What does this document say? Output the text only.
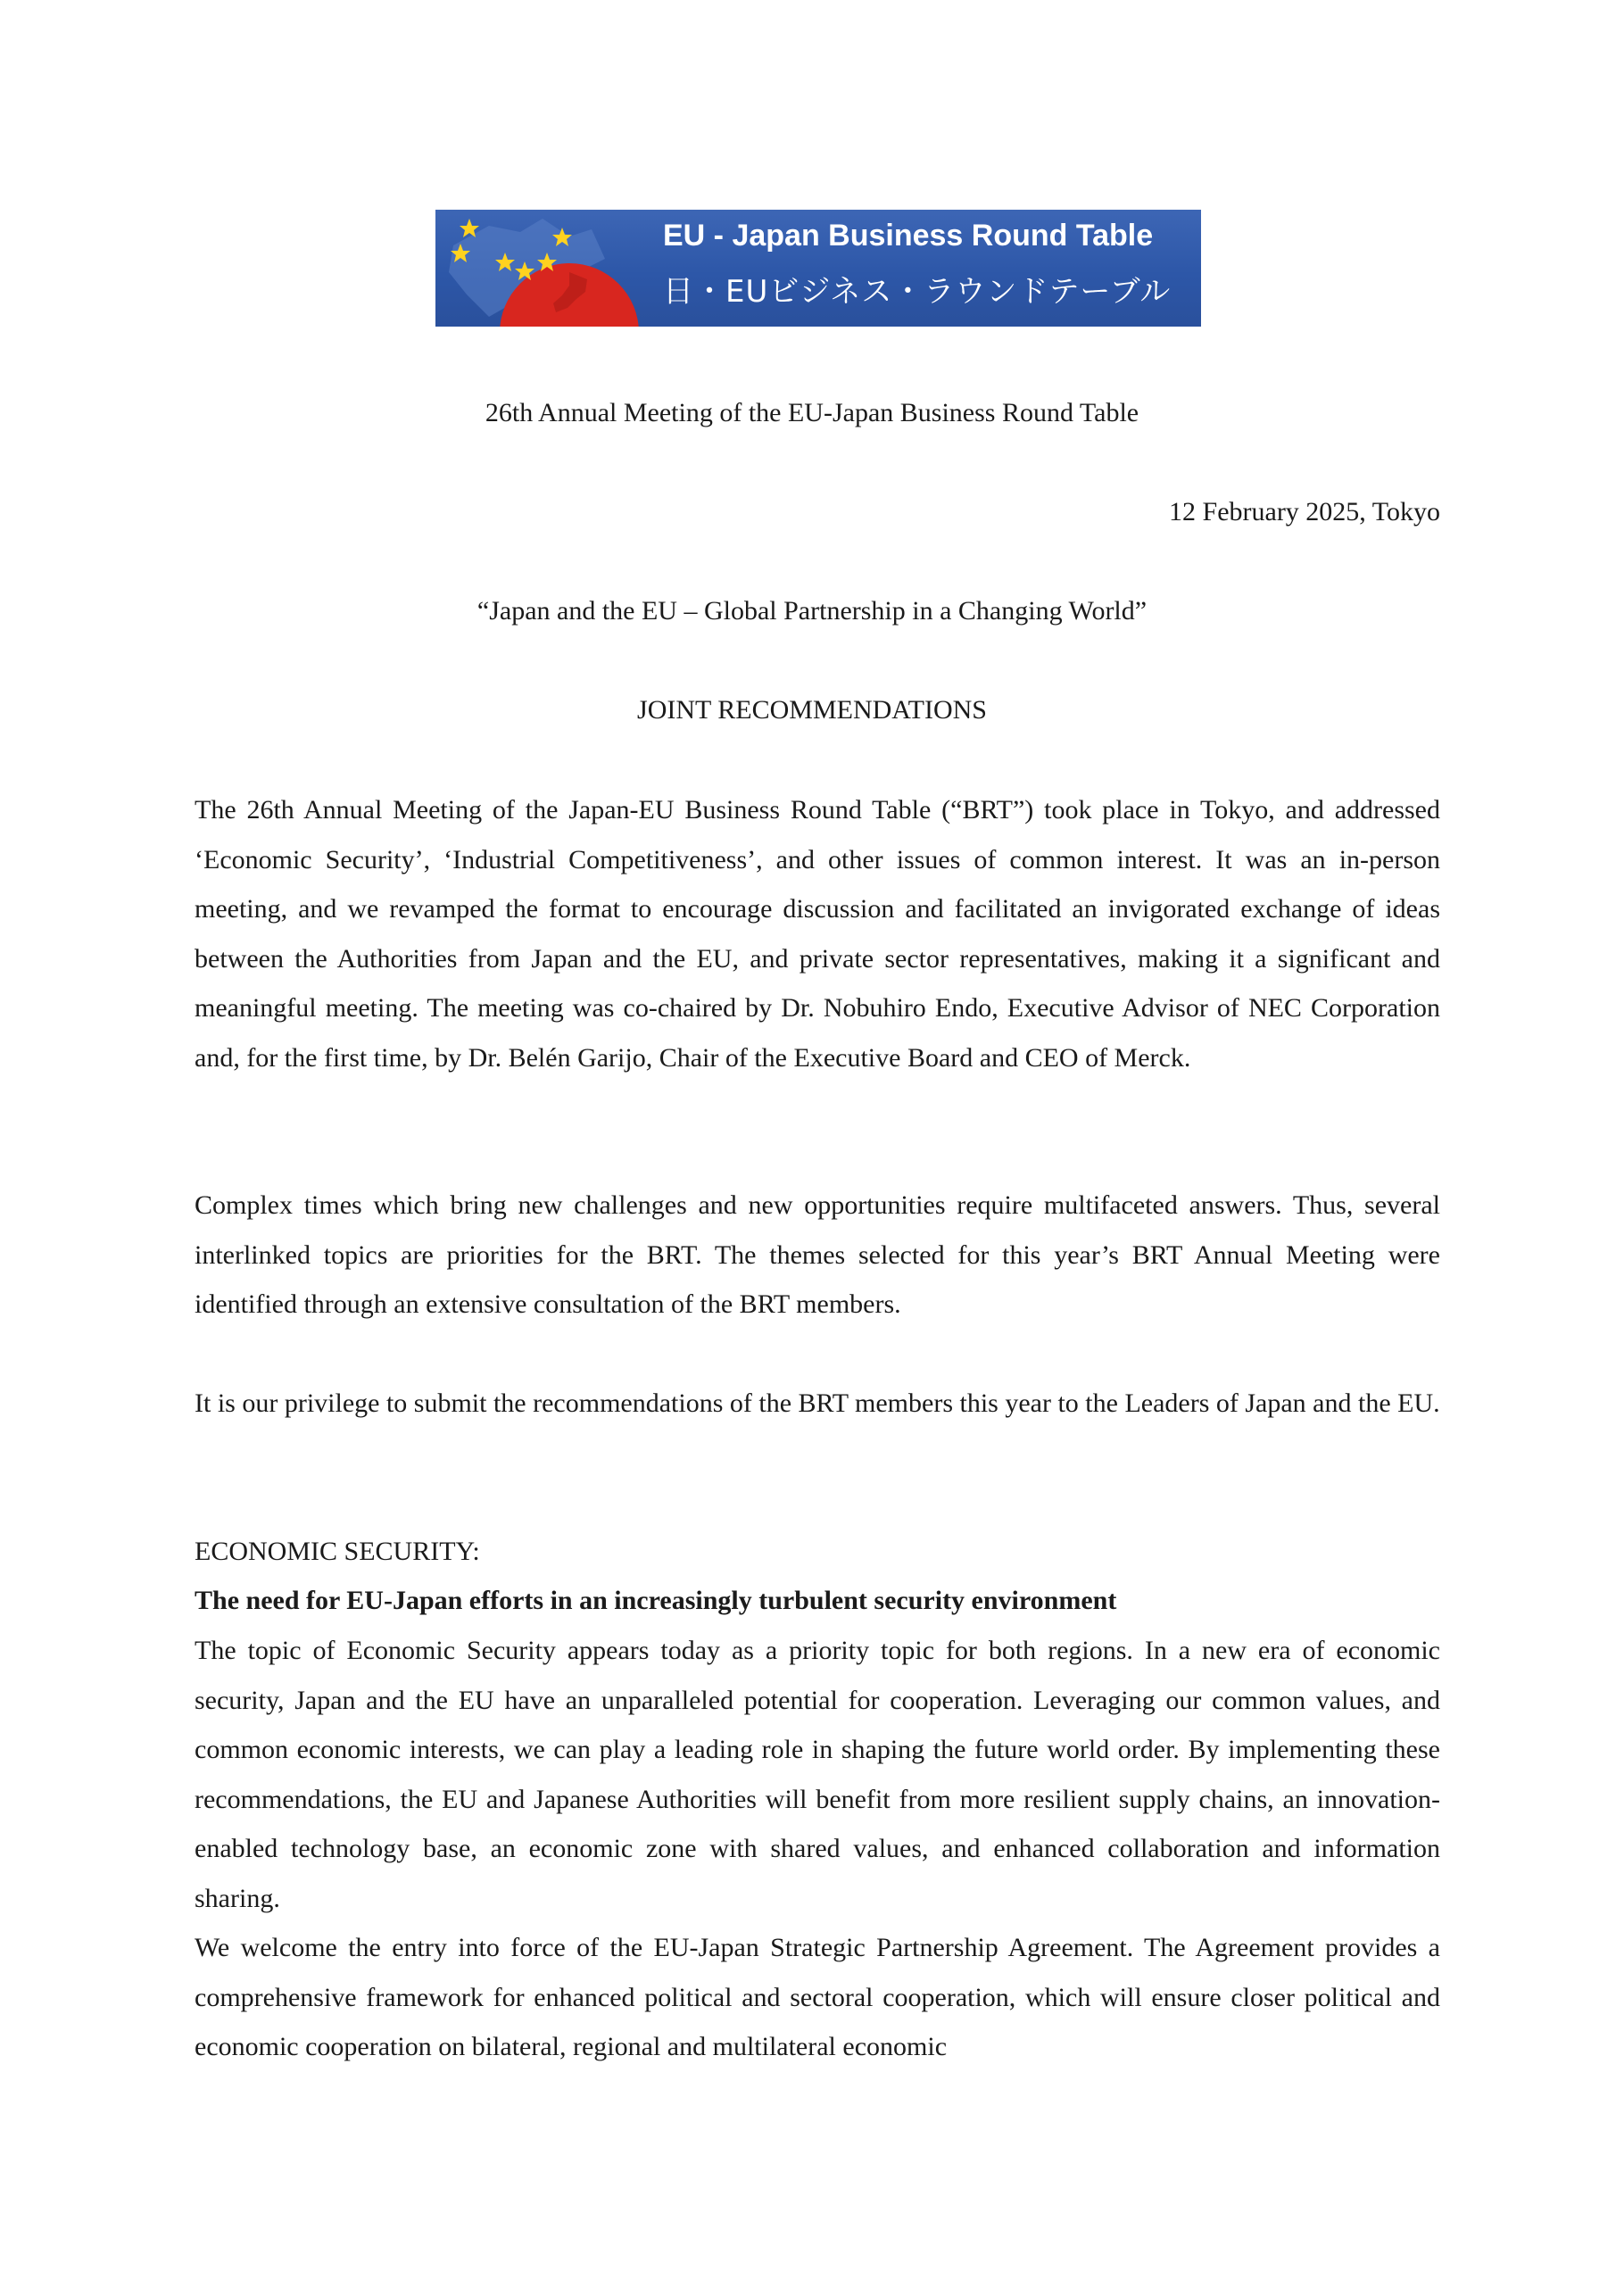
EU - Japan Business Round Table
日・EUビジネス・ラウンドテーブル
26th Annual Meeting of the EU-Japan Business Round Table
12 February 2025, Tokyo
“Japan and the EU – Global Partnership in a Changing World”
JOINT RECOMMENDATIONS

The 26th Annual Meeting of the Japan-EU Business Round Table (“BRT”) took place in Tokyo, and addressed ‘Economic Security’, ‘Industrial Competitiveness’, and other issues of common interest. It was an in-person meeting, and we revamped the format to encourage discussion and facilitated an invigorated exchange of ideas between the Authorities from Japan and the EU, and private sector representatives, making it a significant and meaningful meeting. The meeting was co-chaired by Dr. Nobuhiro Endo, Executive Advisor of NEC Corporation and, for the first time, by Dr. Belén Garijo, Chair of the Executive Board and CEO of Merck.

Complex times which bring new challenges and new opportunities require multifaceted answers. Thus, several interlinked topics are priorities for the BRT. The themes selected for this year’s BRT Annual Meeting were identified through an extensive consultation of the BRT members.

It is our privilege to submit the recommendations of the BRT members this year to the Leaders of Japan and the EU.

ECONOMIC SECURITY:
The need for EU-Japan efforts in an increasingly turbulent security environment

The topic of Economic Security appears today as a priority topic for both regions. In a new era of economic security, Japan and the EU have an unparalleled potential for cooperation. Leveraging our common values, and common economic interests, we can play a leading role in shaping the future world order. By implementing these recommendations, the EU and Japanese Authorities will benefit from more resilient supply chains, an innovation-enabled technology base, an economic zone with shared values, and enhanced collaboration and information sharing.

We welcome the entry into force of the EU-Japan Strategic Partnership Agreement. The Agreement provides a comprehensive framework for enhanced political and sectoral cooperation, which will ensure closer political and economic cooperation on bilateral, regional and multilateral economic
